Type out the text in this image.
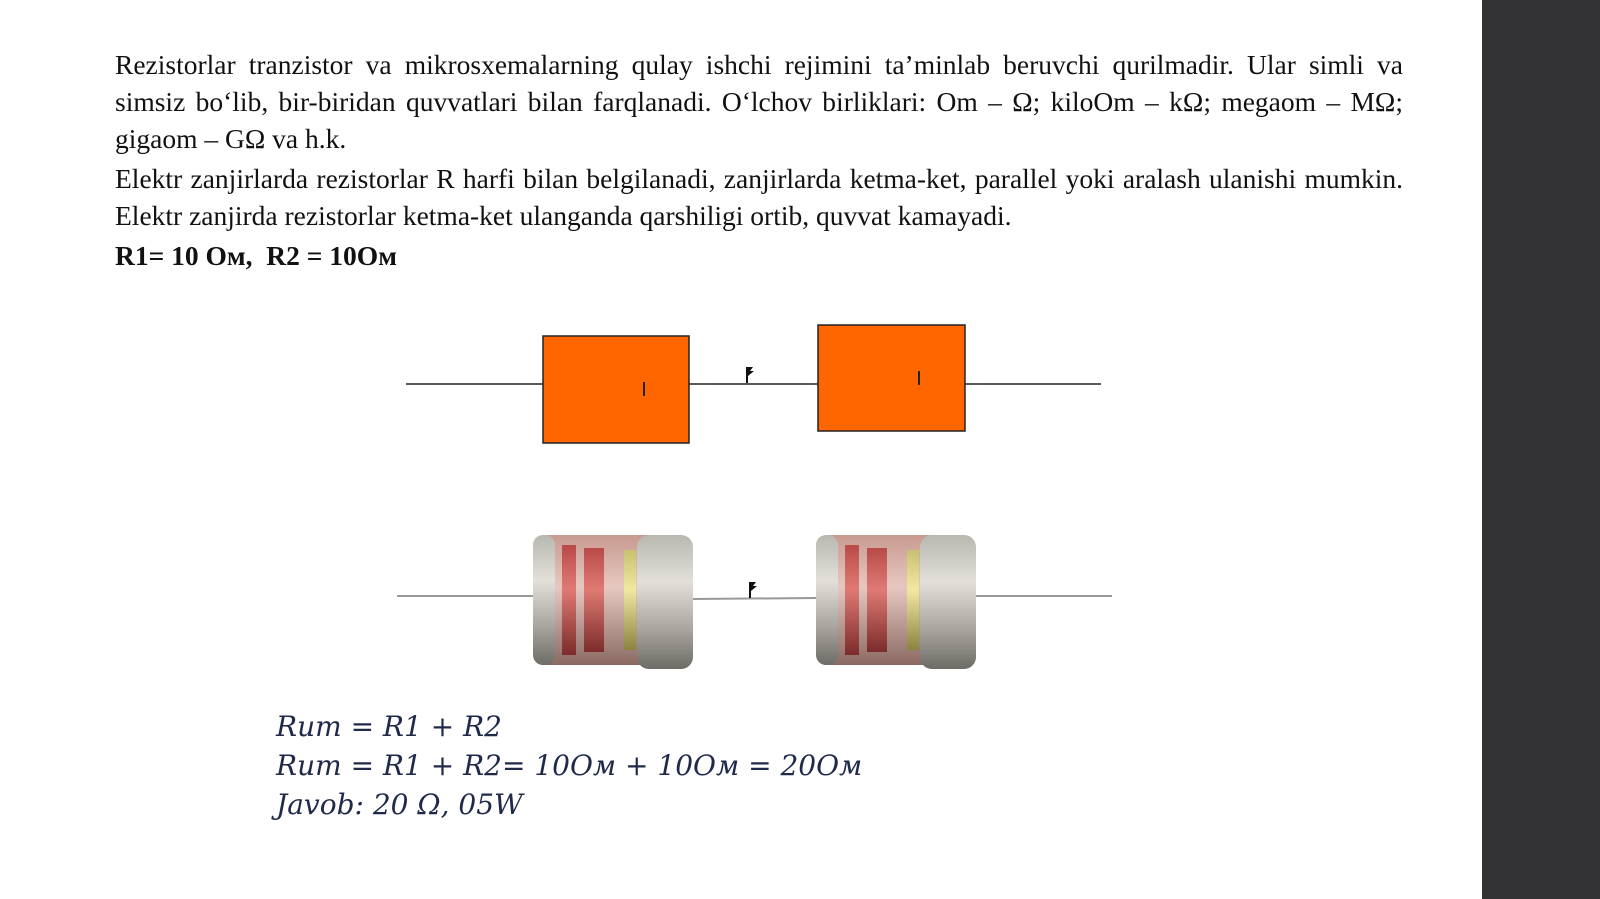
Rezistorlar tranzistor va mikrosxemalarning qulay ishchi rejimini ta’minlab beruvchi qurilmadir. Ular simli va simsiz bo‘lib, bir-biridan quvvatlari bilan farqlanadi. O‘lchov birliklari: Om – Ω; kiloOm – kΩ; megaom – MΩ; gigaom – GΩ va h.k.

Elektr zanjirlarda rezistorlar R harfi bilan belgilanadi, zanjirlarda ketma-ket, parallel yoki aralash ulanishi mumkin. Elektr zanjirda rezistorlar ketma-ket ulanganda qarshiligi ortib, quvvat kamayadi.

R1= 10 Ом,  R2 = 10Ом
Rum = R1 + R2
Rum = R1 + R2= 10Ом + 10Ом = 20Ом
Javob: 20 Ω, 05W
